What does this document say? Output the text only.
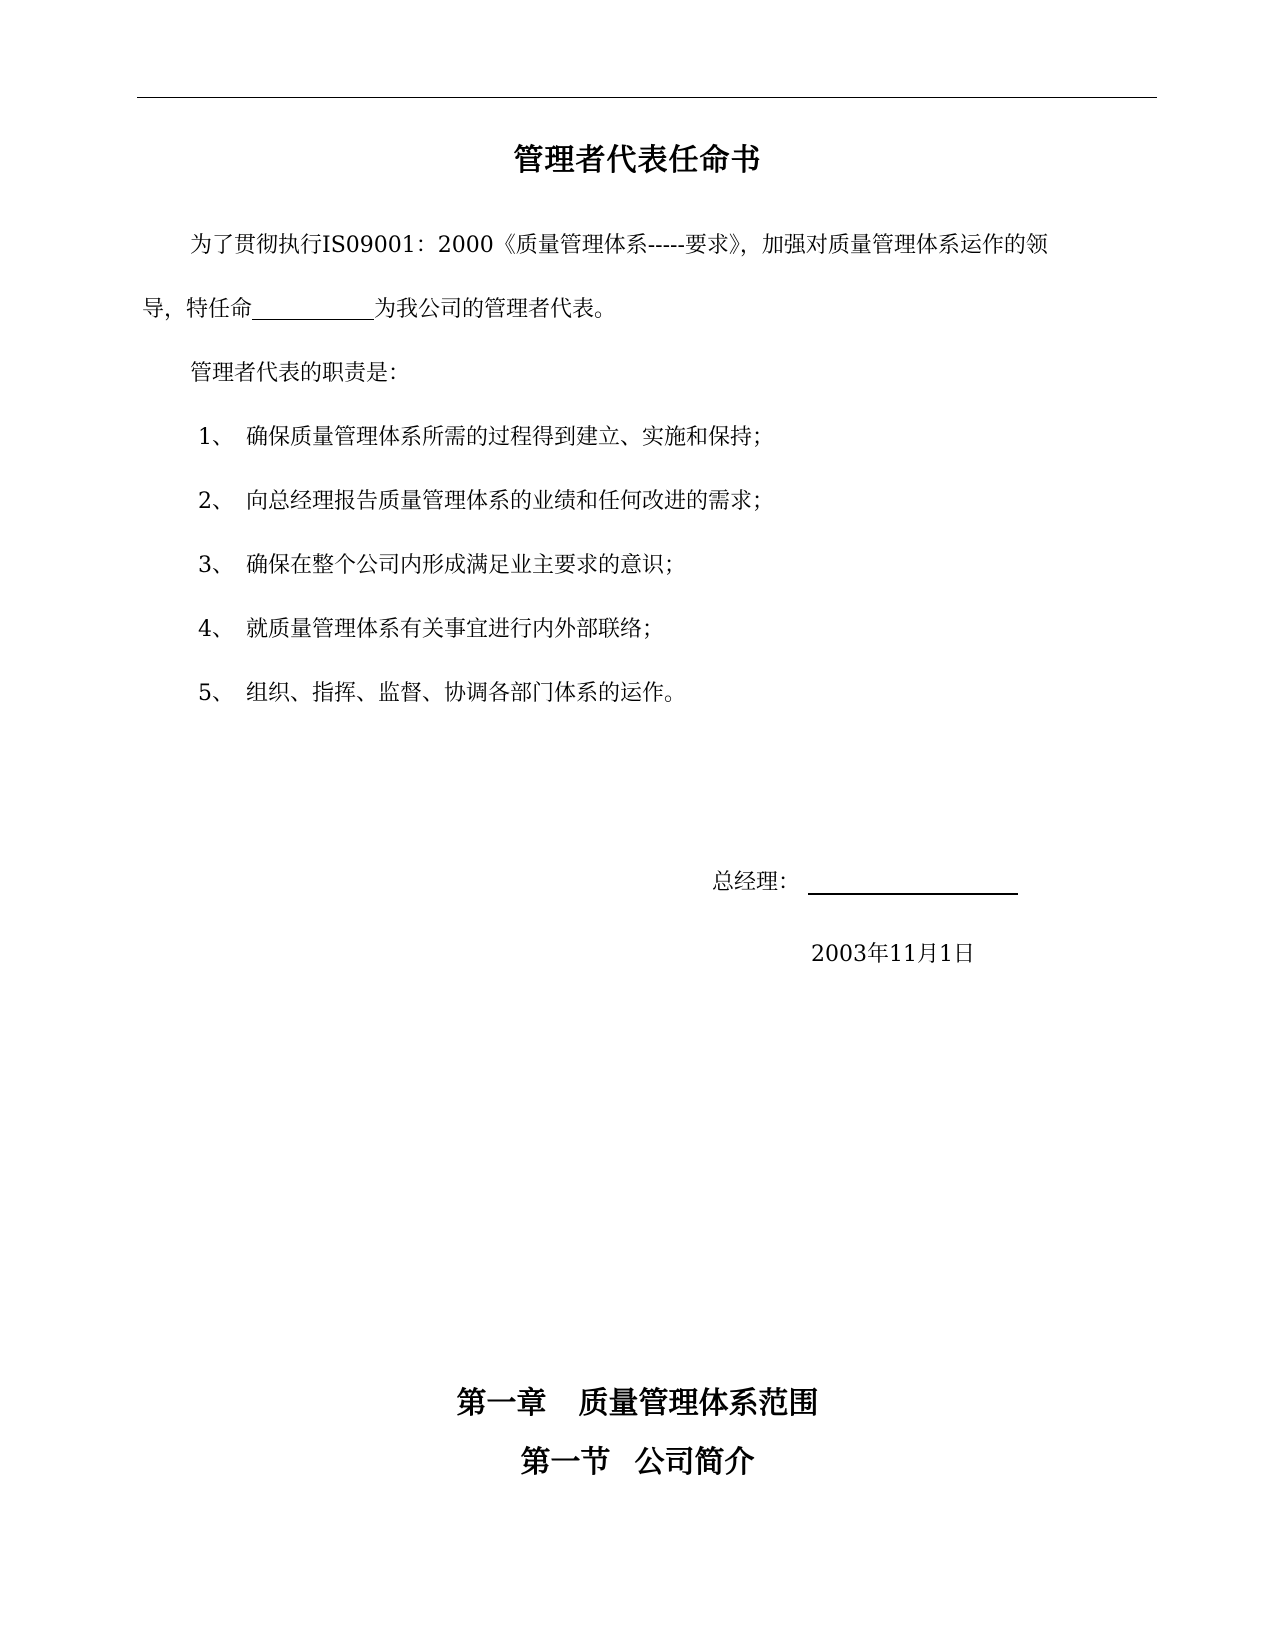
管理者代表任命书
为了贯彻执行IS09001：2000《质量管理体系-----要求》，加强对质量管理体系运作的领
导，特任命	为我公司的管理者代表。
管理者代表的职责是：
1、 确保质量管理体系所需的过程得到建立、实施和保持；
2、 向总经理报告质量管理体系的业绩和任何改进的需求；
3、 确保在整个公司内形成满足业主要求的意识；
4、 就质量管理体系有关事宜进行内外部联络；
5、 组织、指挥、监督、协调各部门体系的运作。
总经理：
2003年11月1日
第一章 质量管理体系范围
第一节 公司简介
